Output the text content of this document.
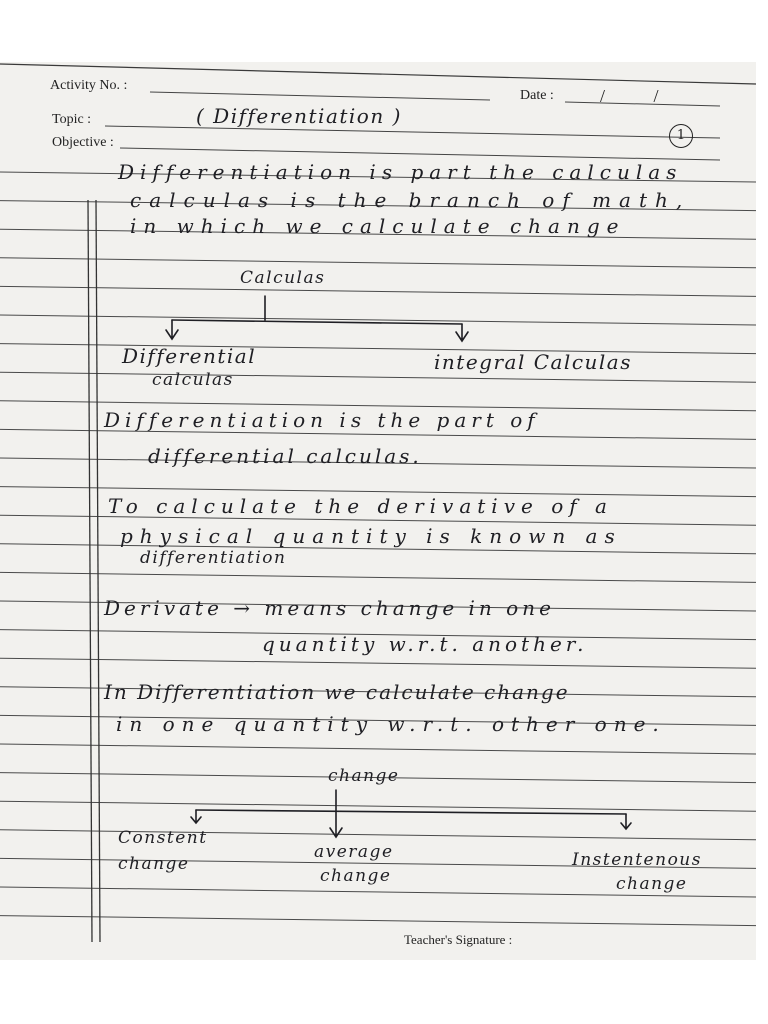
Activity No. :
Date :	/ /
Topic :
Objective :
( Differentiation )
1
Differentiation is part the calculas
calculas is the branch of math,
in which we calculate change
Calculas
Differential
calculas
integral Calculas
Differentiation is the part of
differential calculas.
To calculate the derivative of a
physical quantity is known as
differentiation
Derivate → means change in one
quantity w.r.t. another.
In Differentiation we calculate change
in one quantity w.r.t. other one.
change
Constent
change
average
change
Instentenous
change
Teacher's Signature :
